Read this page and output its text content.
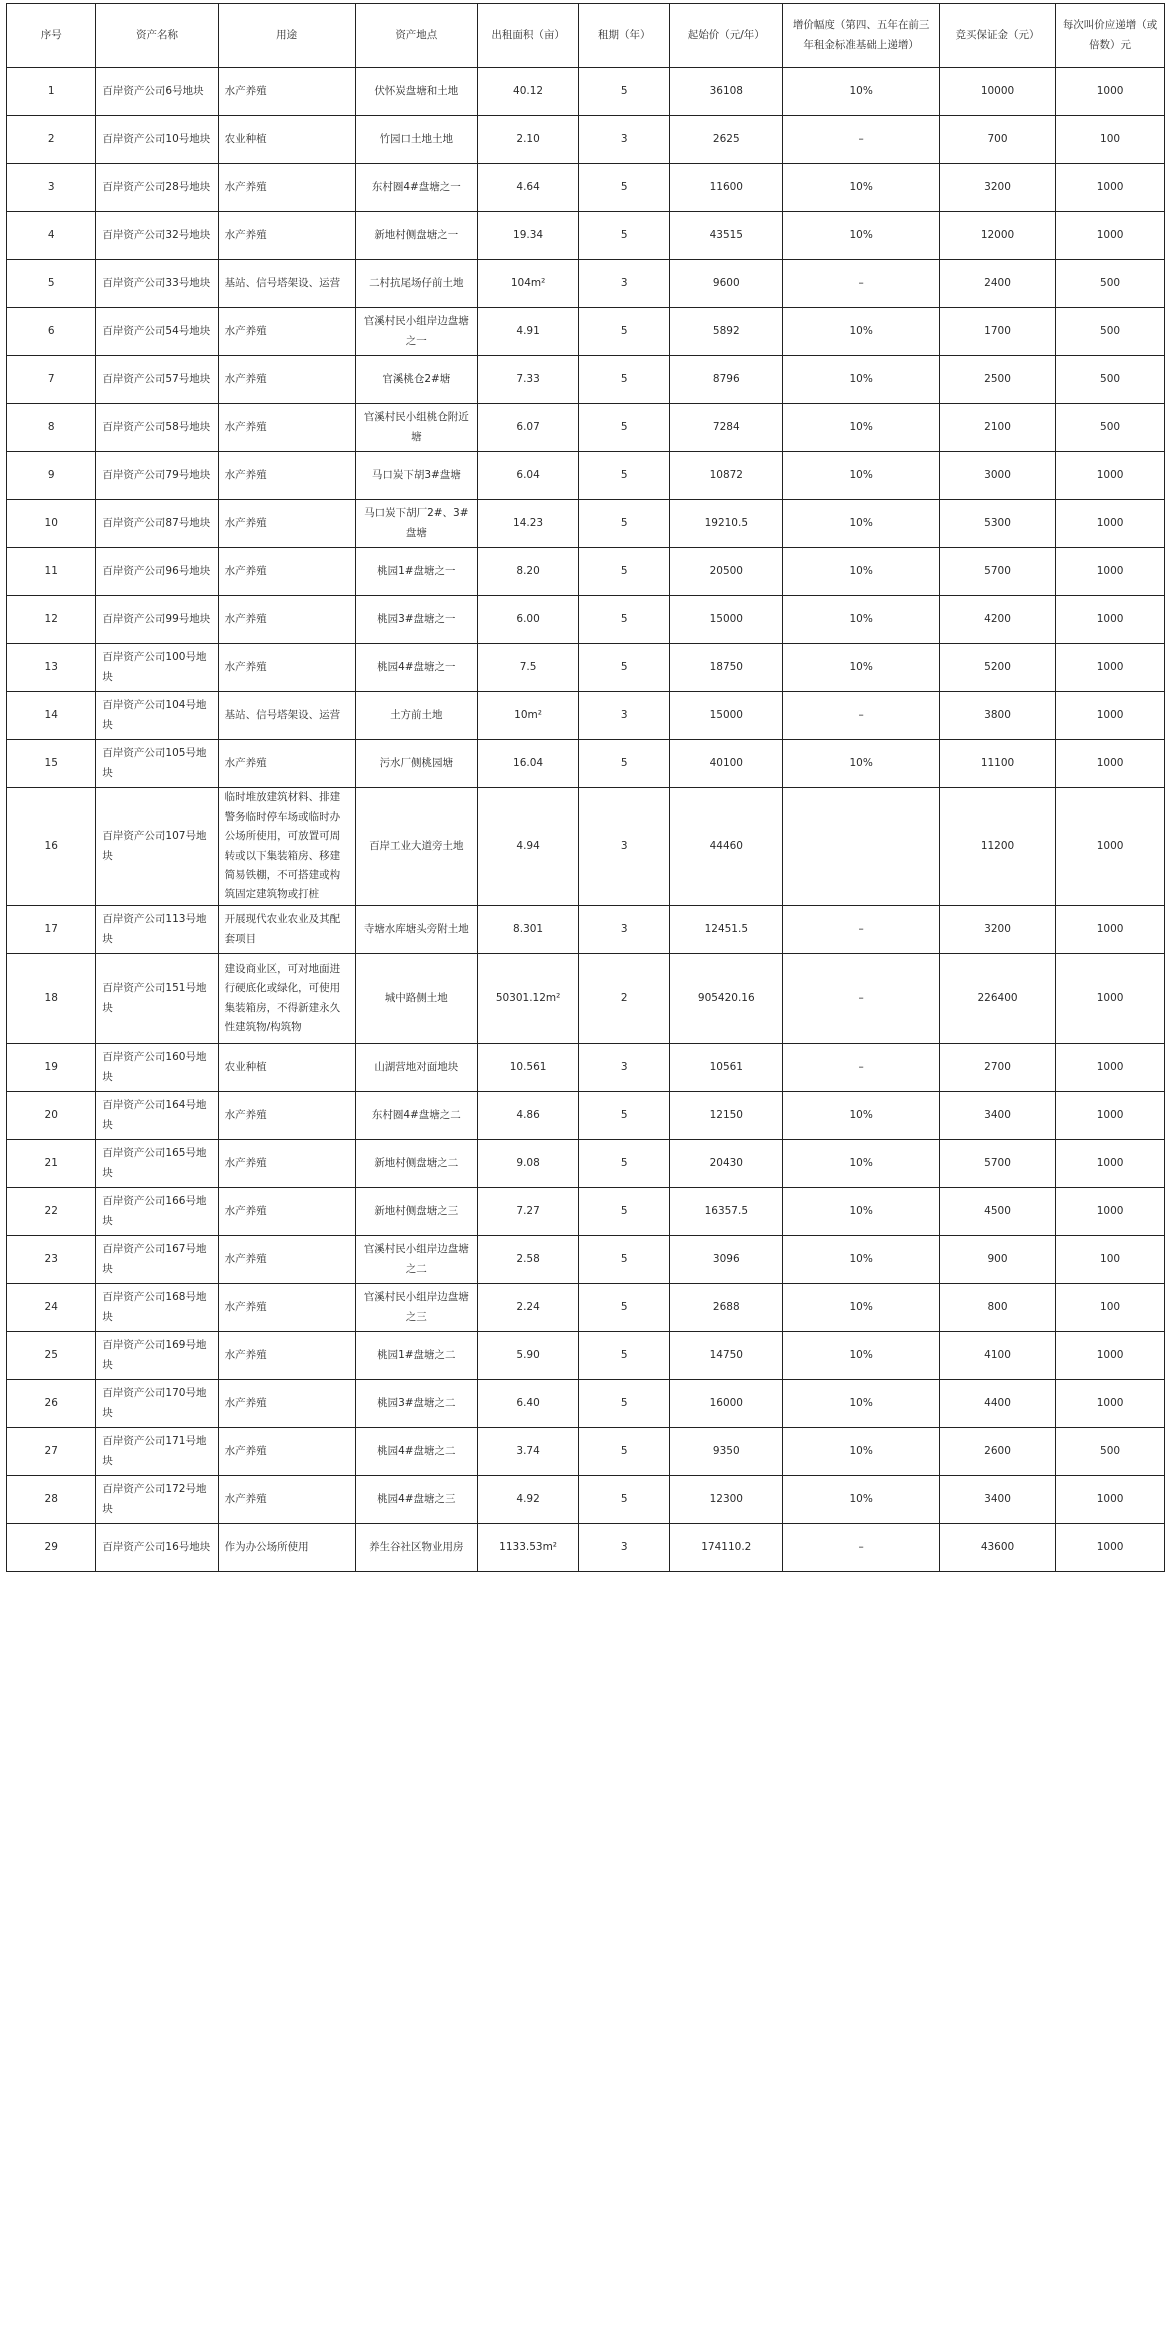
序号	资产名称	用途	资产地点	出租面积（亩）	租期（年）	起始价（元/年）	增价幅度（第四、五年在前三年租金标准基础上递增）	竞买保证金（元）	每次叫价应递增（或倍数）元
1	百岸资产公司6号地块	水产养殖	伏怀炭盘塘和土地	40.12	5	36108	10%	10000	1000
2	百岸资产公司10号地块	农业种植	竹园口土地土地	2.10	3	2625	–	700	100
3	百岸资产公司28号地块	水产养殖	东村圈4#盘塘之一	4.64	5	11600	10%	3200	1000
4	百岸资产公司32号地块	水产养殖	新地村侧盘塘之一	19.34	5	43515	10%	12000	1000
5	百岸资产公司33号地块	基站、信号塔架设、运营	二村抗尾场仔前土地	104m²	3	9600	–	2400	500
6	百岸资产公司54号地块	水产养殖	官溪村民小组岸边盘塘之一	4.91	5	5892	10%	1700	500
7	百岸资产公司57号地块	水产养殖	官溪桃仓2#塘	7.33	5	8796	10%	2500	500
8	百岸资产公司58号地块	水产养殖	官溪村民小组桃仓附近塘	6.07	5	7284	10%	2100	500
9	百岸资产公司79号地块	水产养殖	马口炭下胡3#盘塘	6.04	5	10872	10%	3000	1000
10	百岸资产公司87号地块	水产养殖	马口炭下胡厂2#、3#盘塘	14.23	5	19210.5	10%	5300	1000
11	百岸资产公司96号地块	水产养殖	桃园1#盘塘之一	8.20	5	20500	10%	5700	1000
12	百岸资产公司99号地块	水产养殖	桃园3#盘塘之一	6.00	5	15000	10%	4200	1000
13	百岸资产公司100号地块	水产养殖	桃园4#盘塘之一	7.5	5	18750	10%	5200	1000
14	百岸资产公司104号地块	基站、信号塔架设、运营	土方前土地	10m²	3	15000	–	3800	1000
15	百岸资产公司105号地块	水产养殖	污水厂侧桃园塘	16.04	5	40100	10%	11100	1000
16	百岸资产公司107号地块	临时堆放建筑材料、排建警务临时停车场或临时办公场所使用，可放置可周转或以下集装箱房、移建简易铁棚，不可搭建或构筑固定建筑物或打桩	百岸工业大道旁土地	4.94	3	44460		11200	1000
17	百岸资产公司113号地块	开展现代农业农业及其配套项目	寺塘水库塘头旁附土地	8.301	3	12451.5	–	3200	1000
18	百岸资产公司151号地块	建设商业区，可对地面进行硬底化或绿化，可使用集装箱房，不得新建永久性建筑物/构筑物	城中路侧土地	50301.12m²	2	905420.16	–	226400	1000
19	百岸资产公司160号地块	农业种植	山湖营地对面地块	10.561	3	10561	–	2700	1000
20	百岸资产公司164号地块	水产养殖	东村圈4#盘塘之二	4.86	5	12150	10%	3400	1000
21	百岸资产公司165号地块	水产养殖	新地村侧盘塘之二	9.08	5	20430	10%	5700	1000
22	百岸资产公司166号地块	水产养殖	新地村侧盘塘之三	7.27	5	16357.5	10%	4500	1000
23	百岸资产公司167号地块	水产养殖	官溪村民小组岸边盘塘之二	2.58	5	3096	10%	900	100
24	百岸资产公司168号地块	水产养殖	官溪村民小组岸边盘塘之三	2.24	5	2688	10%	800	100
25	百岸资产公司169号地块	水产养殖	桃园1#盘塘之二	5.90	5	14750	10%	4100	1000
26	百岸资产公司170号地块	水产养殖	桃园3#盘塘之二	6.40	5	16000	10%	4400	1000
27	百岸资产公司171号地块	水产养殖	桃园4#盘塘之二	3.74	5	9350	10%	2600	500
28	百岸资产公司172号地块	水产养殖	桃园4#盘塘之三	4.92	5	12300	10%	3400	1000
29	百岸资产公司16号地块	作为办公场所使用	养生谷社区物业用房	1133.53m²	3	174110.2	–	43600	1000
